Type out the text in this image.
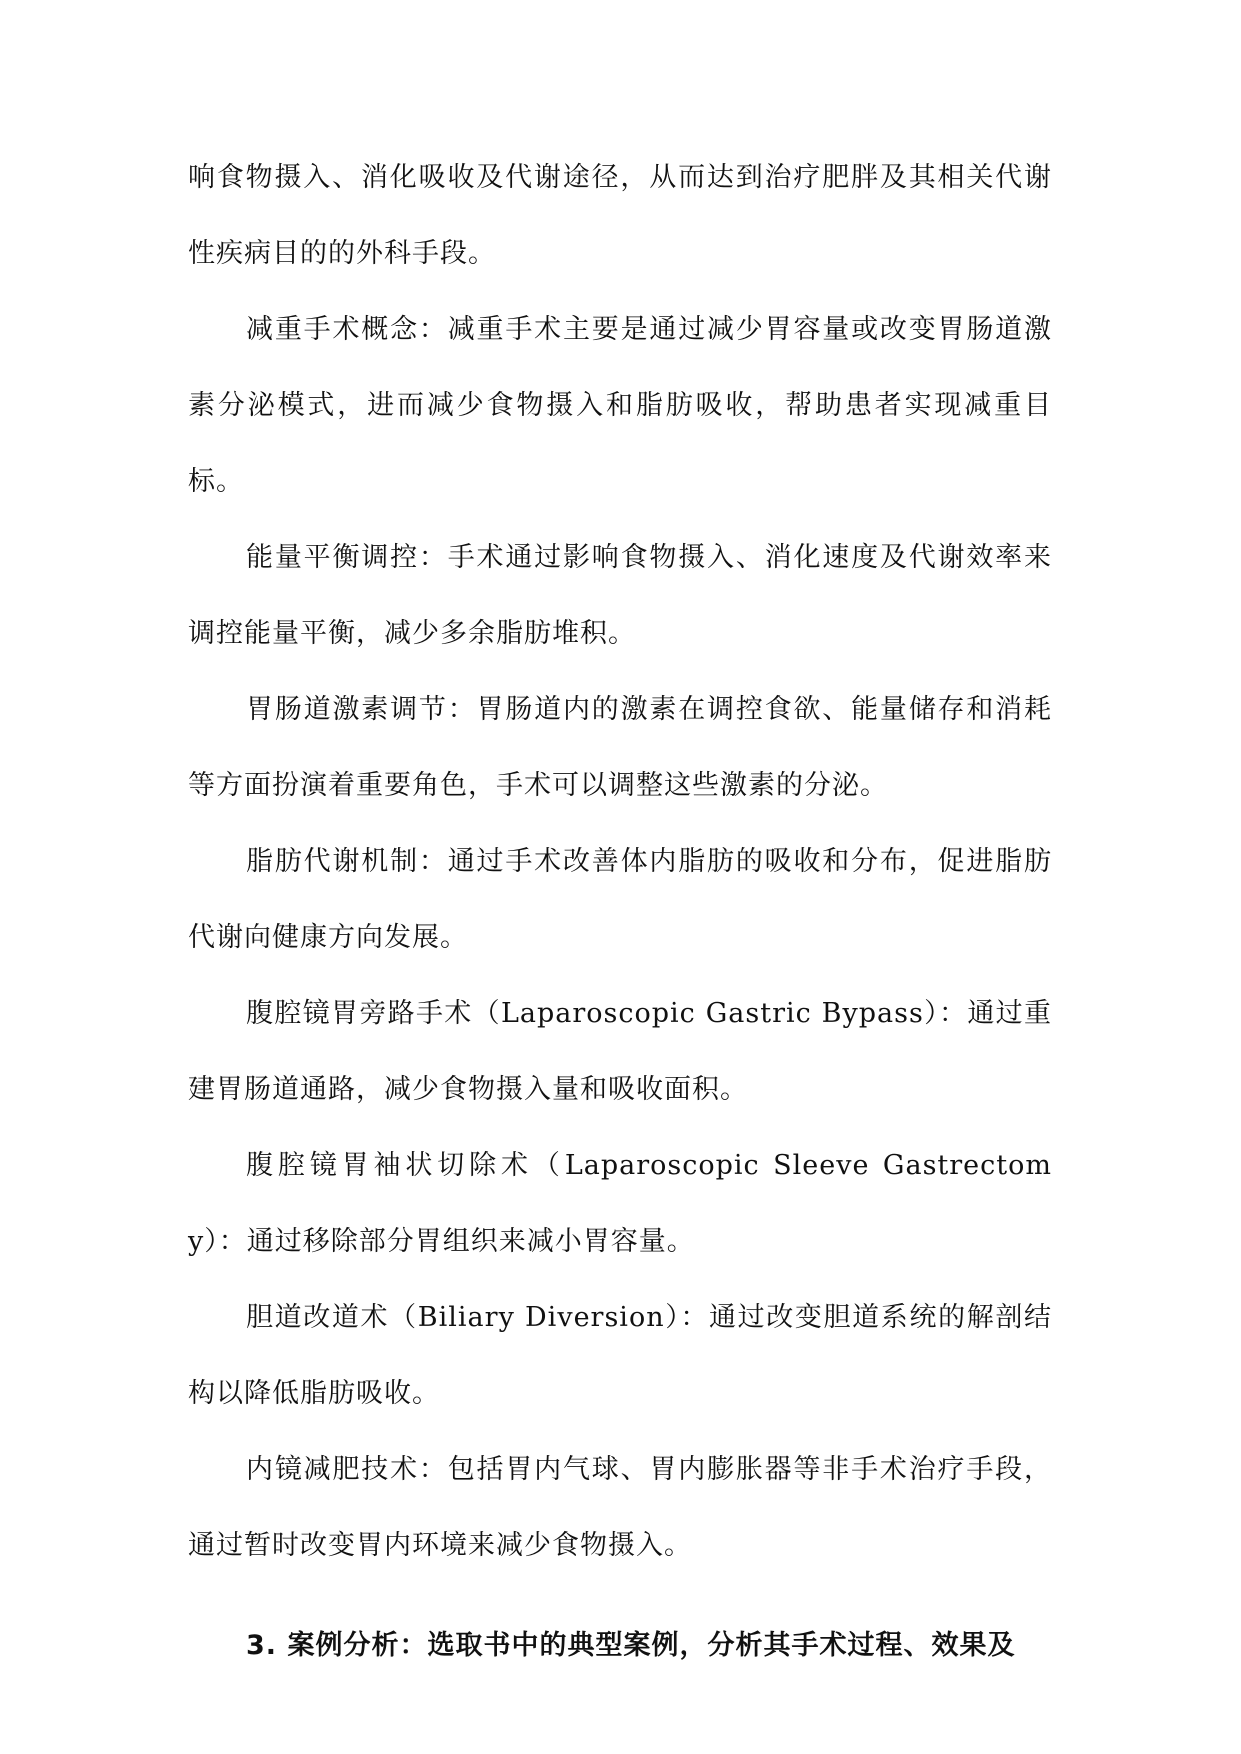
响食物摄入、消化吸收及代谢途径，从而达到治疗肥胖及其相关代谢性疾病目的的外科手段。

减重手术概念：减重手术主要是通过减少胃容量或改变胃肠道激素分泌模式，进而减少食物摄入和脂肪吸收，帮助患者实现减重目标。

能量平衡调控：手术通过影响食物摄入、消化速度及代谢效率来调控能量平衡，减少多余脂肪堆积。

胃肠道激素调节：胃肠道内的激素在调控食欲、能量储存和消耗等方面扮演着重要角色，手术可以调整这些激素的分泌。

脂肪代谢机制：通过手术改善体内脂肪的吸收和分布，促进脂肪代谢向健康方向发展。

腹腔镜胃旁路手术（Laparoscopic Gastric Bypass）：通过重建胃肠道通路，减少食物摄入量和吸收面积。

腹腔镜胃袖状切除术（Laparoscopic Sleeve Gastrectomy）：通过移除部分胃组织来减小胃容量。

胆道改道术（Biliary Diversion）：通过改变胆道系统的解剖结构以降低脂肪吸收。

内镜减肥技术：包括胃内气球、胃内膨胀器等非手术治疗手段，通过暂时改变胃内环境来减少食物摄入。

3. 案例分析：选取书中的典型案例，分析其手术过程、效果及
